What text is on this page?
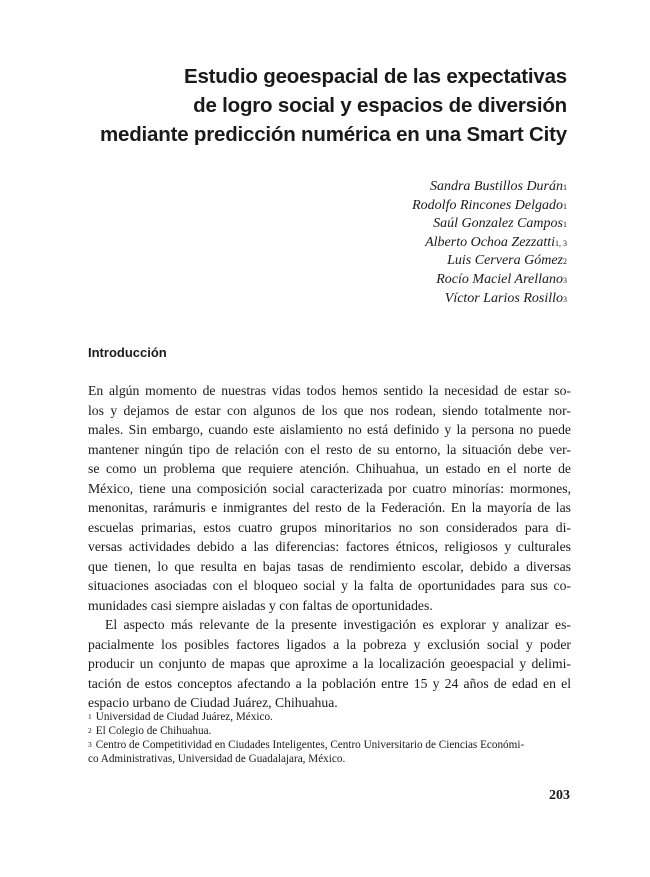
Estudio geoespacial de las expectativas
de logro social y espacios de diversión
mediante predicción numérica en una Smart City
Sandra Bustillos Durán$^1$
Rodolfo Rincones Delgado$^1$
Saúl Gonzalez Campos$^1$
Alberto Ochoa Zezzatti$^{1, 3}$
Luis Cervera Gómez$^2$
Rocío Maciel Arellano$^3$
Víctor Larios Rosillo$^3$
Introducción
En algún momento de nuestras vidas todos hemos sentido la necesidad de estar so-
los y dejamos de estar con algunos de los que nos rodean, siendo totalmente nor-
males. Sin embargo, cuando este aislamiento no está definido y la persona no puede
mantener ningún tipo de relación con el resto de su entorno, la situación debe ver-
se como un problema que requiere atención. Chihuahua, un estado en el norte de
México, tiene una composición social caracterizada por cuatro minorías: mormones,
menonitas, rarámuris e inmigrantes del resto de la Federación. En la mayoría de las
escuelas primarias, estos cuatro grupos minoritarios no son considerados para di-
versas actividades debido a las diferencias: factores étnicos, religiosos y culturales
que tienen, lo que resulta en bajas tasas de rendimiento escolar, debido a diversas
situaciones asociadas con el bloqueo social y la falta de oportunidades para sus co-
munidades casi siempre aisladas y con faltas de oportunidades.
El aspecto más relevante de la presente investigación es explorar y analizar es-
pacialmente los posibles factores ligados a la pobreza y exclusión social y poder
producir un conjunto de mapas que aproxime a la localización geoespacial y delimi-
tación de estos conceptos afectando a la población entre 15 y 24 años de edad en el
espacio urbano de Ciudad Juárez, Chihuahua.
$^1$ Universidad de Ciudad Juárez, México.
$^2$ El Colegio de Chihuahua.
$^3$ Centro de Competitividad en Ciudades Inteligentes, Centro Universitario de Ciencias Económi-
co Administrativas, Universidad de Guadalajara, México.
203
